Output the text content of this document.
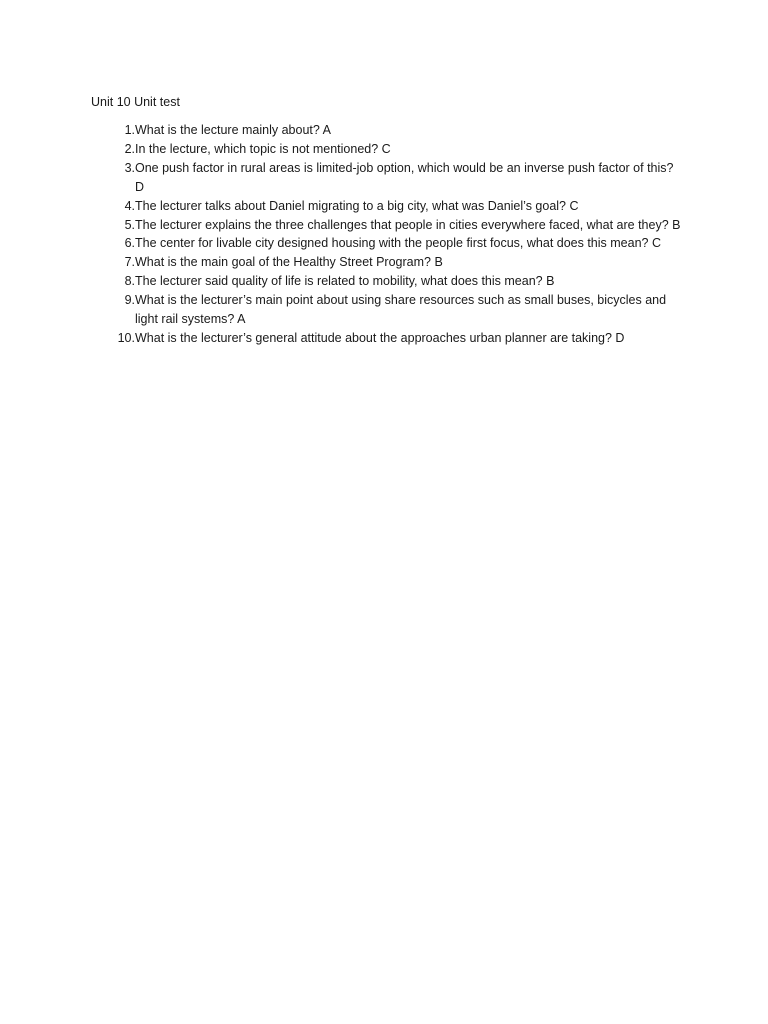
Unit 10 Unit test
1. What is the lecture mainly about? A
2. In the lecture, which topic is not mentioned? C
3. One push factor in rural areas is limited-job option, which would be an inverse push factor of this? D
4. The lecturer talks about Daniel migrating to a big city, what was Daniel’s goal? C
5. The lecturer explains the three challenges that people in cities everywhere faced, what are they? B
6. The center for livable city designed housing with the people first focus, what does this mean? C
7. What is the main goal of the Healthy Street Program? B
8. The lecturer said quality of life is related to mobility, what does this mean? B
9. What is the lecturer’s main point about using share resources such as small buses, bicycles and light rail systems? A
10. What is the lecturer’s general attitude about the approaches urban planner are taking? D
